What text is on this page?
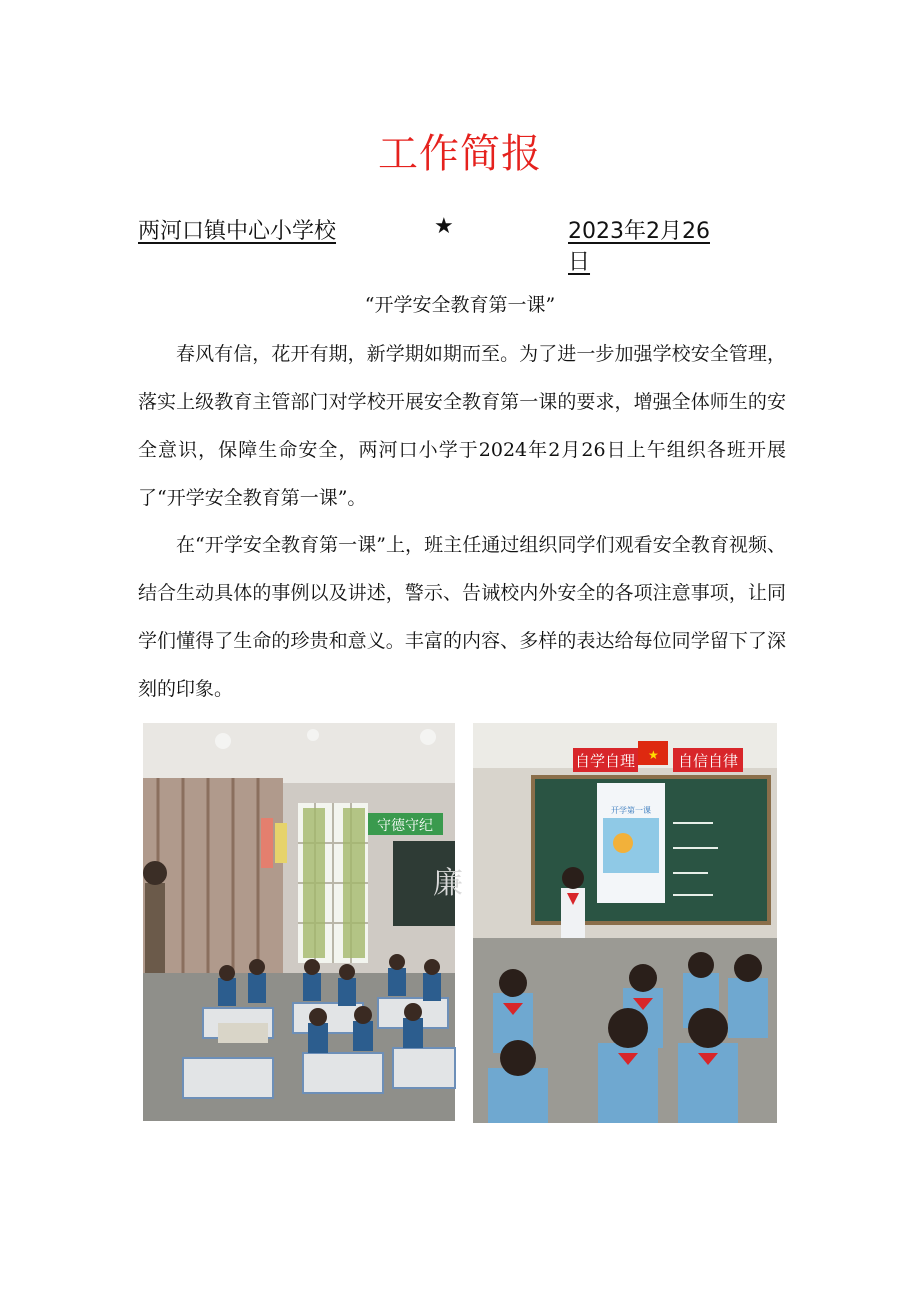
工作简报
两河口镇中心小学校	★	2023年2月26日
“开学安全教育第一课”

春风有信，花开有期，新学期如期而至。为了进一步加强学校安全管理，落实上级教育主管部门对学校开展安全教育第一课的要求，增强全体师生的安全意识，保障生命安全，两河口小学于2024年2月26日上午组织各班开展了“开学安全教育第一课”。

在“开学安全教育第一课”上，班主任通过组织同学们观看安全教育视频、结合生动具体的事例以及讲述，警示、告诫校内外安全的各项注意事项，让同学们懂得了生命的珍贵和意义。丰富的内容、多样的表达给每位同学留下了深刻的印象。

守德守纪
廉
自学自理 ★ 自信自律
开学第一课
